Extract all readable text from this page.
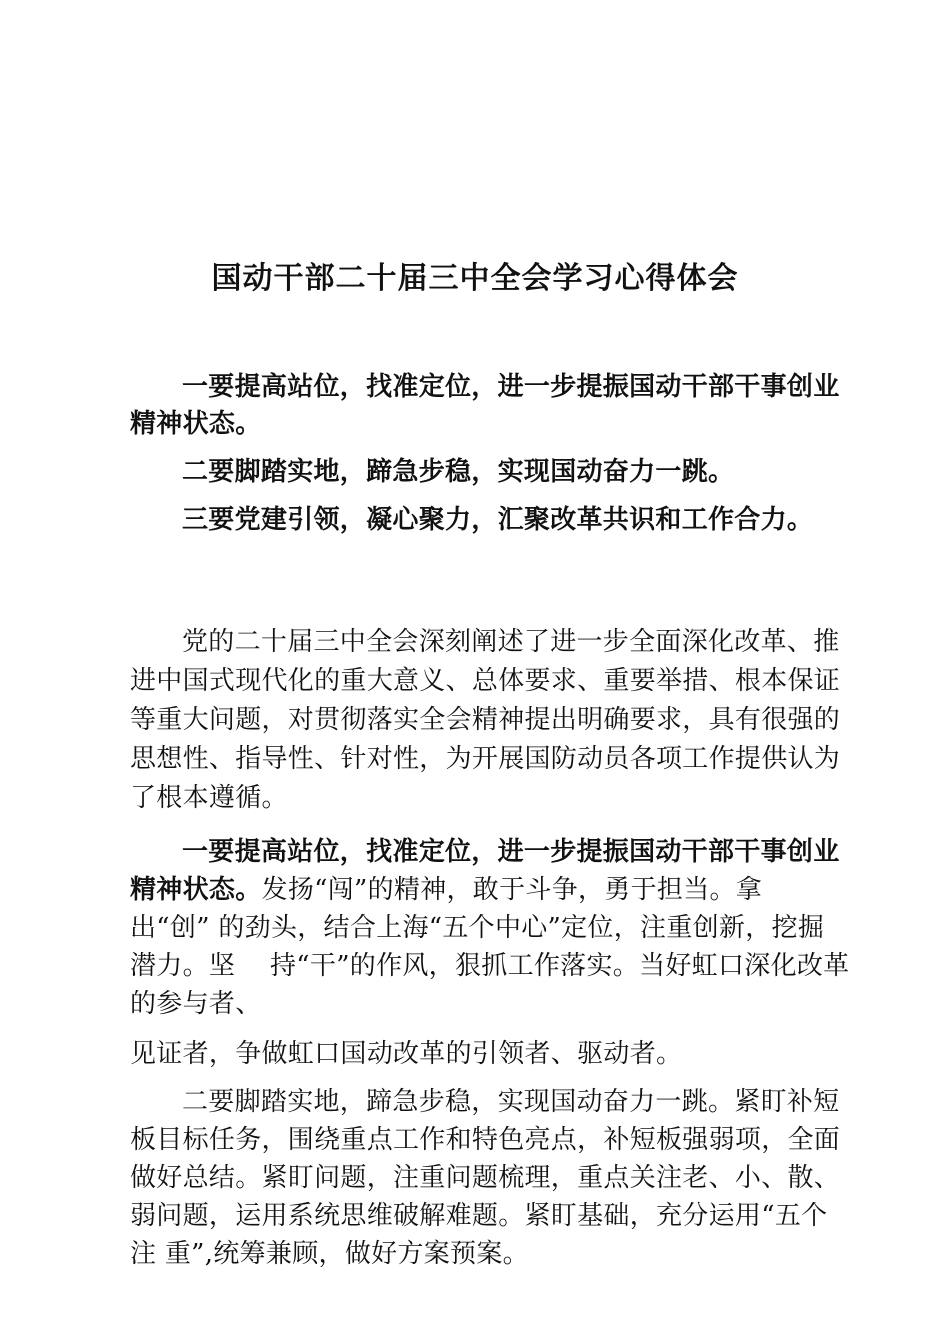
国动干部二十届三中全会学习心得体会
一要提高站位，找准定位，进一步提振国动干部干事创业
精神状态。
二要脚踏实地，蹄急步稳，实现国动奋力一跳。
三要党建引领，凝心聚力，汇聚改革共识和工作合力。
党的二十届三中全会深刻阐述了进一步全面深化改革、推
进中国式现代化的重大意义、总体要求、重要举措、根本保证
等重大问题，对贯彻落实全会精神提出明确要求，具有很强的
思想性、指导性、针对性，为开展国防动员各项工作提供认为
了根本遵循。
一要提高站位，找准定位，进一步提振国动干部干事创业
精神状态。发扬“闯”的精神，敢于斗争，勇于担当。拿
出“创” 的劲头，结合上海“五个中心”定位，注重创新，挖掘
潜力。坚 持“干”的作风，狠抓工作落实。当好虹口深化改革
的参与者、
见证者，争做虹口国动改革的引领者、驱动者。
二要脚踏实地，蹄急步稳，实现国动奋力一跳。紧盯补短
板目标任务，围绕重点工作和特色亮点，补短板强弱项，全面
做好总结。紧盯问题，注重问题梳理，重点关注老、小、散、
弱问题，运用系统思维破解难题。紧盯基础，充分运用“五个
注 重”,统筹兼顾，做好方案预案。
